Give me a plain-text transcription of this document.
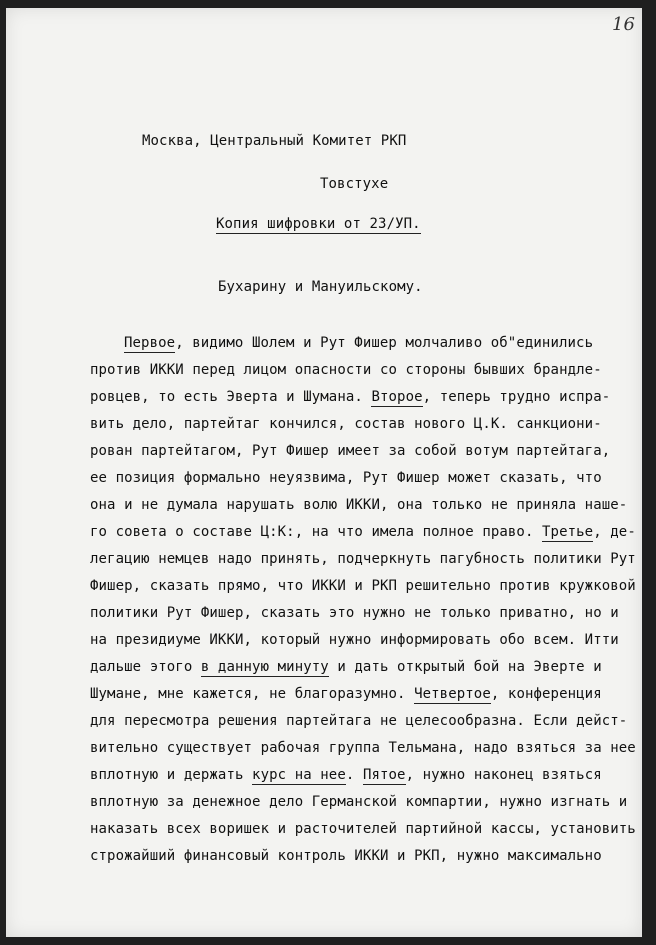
16
Москва, Центральный Комитет РКП
Товстухе
Копия шифровки от 23/УП.
Бухарину и Мануильскому.
Первое, видимо Шолем и Рут Фишер молчаливо об"единились
против ИККИ перед лицом опасности со стороны бывших брандле-
ровцев, то есть Эверта и Шумана. Второе, теперь трудно испра-
вить дело, партейтаг кончился, состав нового Ц.К. санкциони-
рован партейтагом, Рут Фишер имеет за собой вотум партейтага,
ее позиция формально неуязвима, Рут Фишер может сказать, что
она и не думала нарушать волю ИККИ, она только не приняла наше-
го совета о составе Ц:К:, на что имела полное право. Третье, де-
легацию немцев надо принять, подчеркнуть пагубность политики Рут
Фишер, сказать прямо, что ИККИ и РКП решительно против кружковой
политики Рут Фишер, сказать это нужно не только приватно, но и
на президиуме ИККИ, который нужно информировать обо всем. Итти
дальше этого в данную минуту и дать открытый бой на Эверте и
Шумане, мне кажется, не благоразумно. Четвертое, конференция
для пересмотра решения партейтага не целесообразна. Если дейст-
вительно существует рабочая группа Тельмана, надо взяться за нее
вплотную и держать курс на нее. Пятое, нужно наконец взяться
вплотную за денежное дело Германской компартии, нужно изгнать и
наказать всех воришек и расточителей партийной кассы, установить
строжайший финансовый контроль ИККИ и РКП, нужно максимально
